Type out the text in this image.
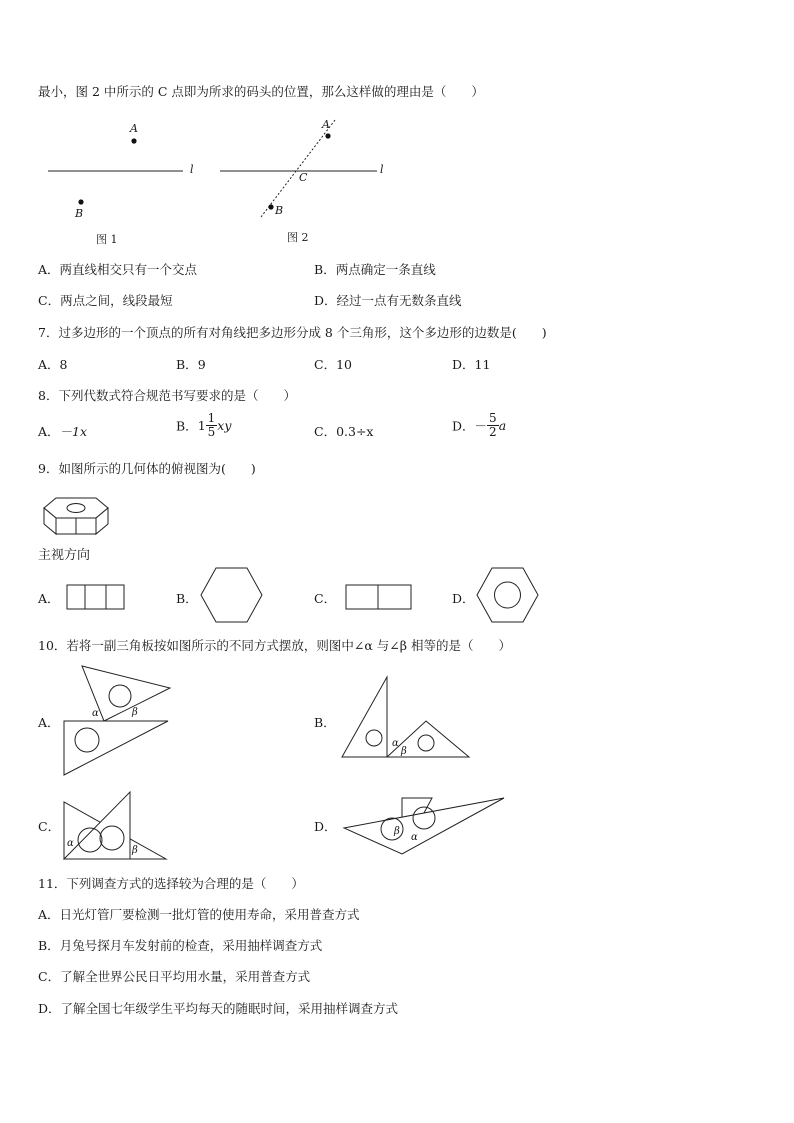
最小，图 2 中所示的 C 点即为所求的码头的位置，那么这样做的理由是（　　）
A
B
l
图 1
A
C
B
l
图 2
A．两直线相交只有一个交点	B．两点确定一条直线
C．两点之间，线段最短	D．经过一点有无数条直线
7．过多边形的一个顶点的所有对角线把多边形分成 8 个三角形，这个多边形的边数是(　　)
A．8	B．9	C．10	D．11
8．下列代数式符合规范书写要求的是（　　）
A．－1x	B．$1 \frac{1}{5}$ xy	C．0.3÷x	D．－ $\frac{5}{2}$ a
9．如图所示的几何体的俯视图为(　　)
主视方向
A．	B．	C．	D．
10．若将一副三角板按如图所示的不同方式摆放，则图中∠α 与∠β 相等的是（　　）
A．
α	β
B．
α
β
C．
α
β
D．	β
α
11．下列调查方式的选择较为合理的是（　　）
A．日光灯管厂要检测一批灯管的使用寿命，采用普查方式
B．月兔号探月车发射前的检查，采用抽样调查方式
C．了解全世界公民日平均用水量，采用普查方式
D．了解全国七年级学生平均每天的随眠时间，采用抽样调查方式
